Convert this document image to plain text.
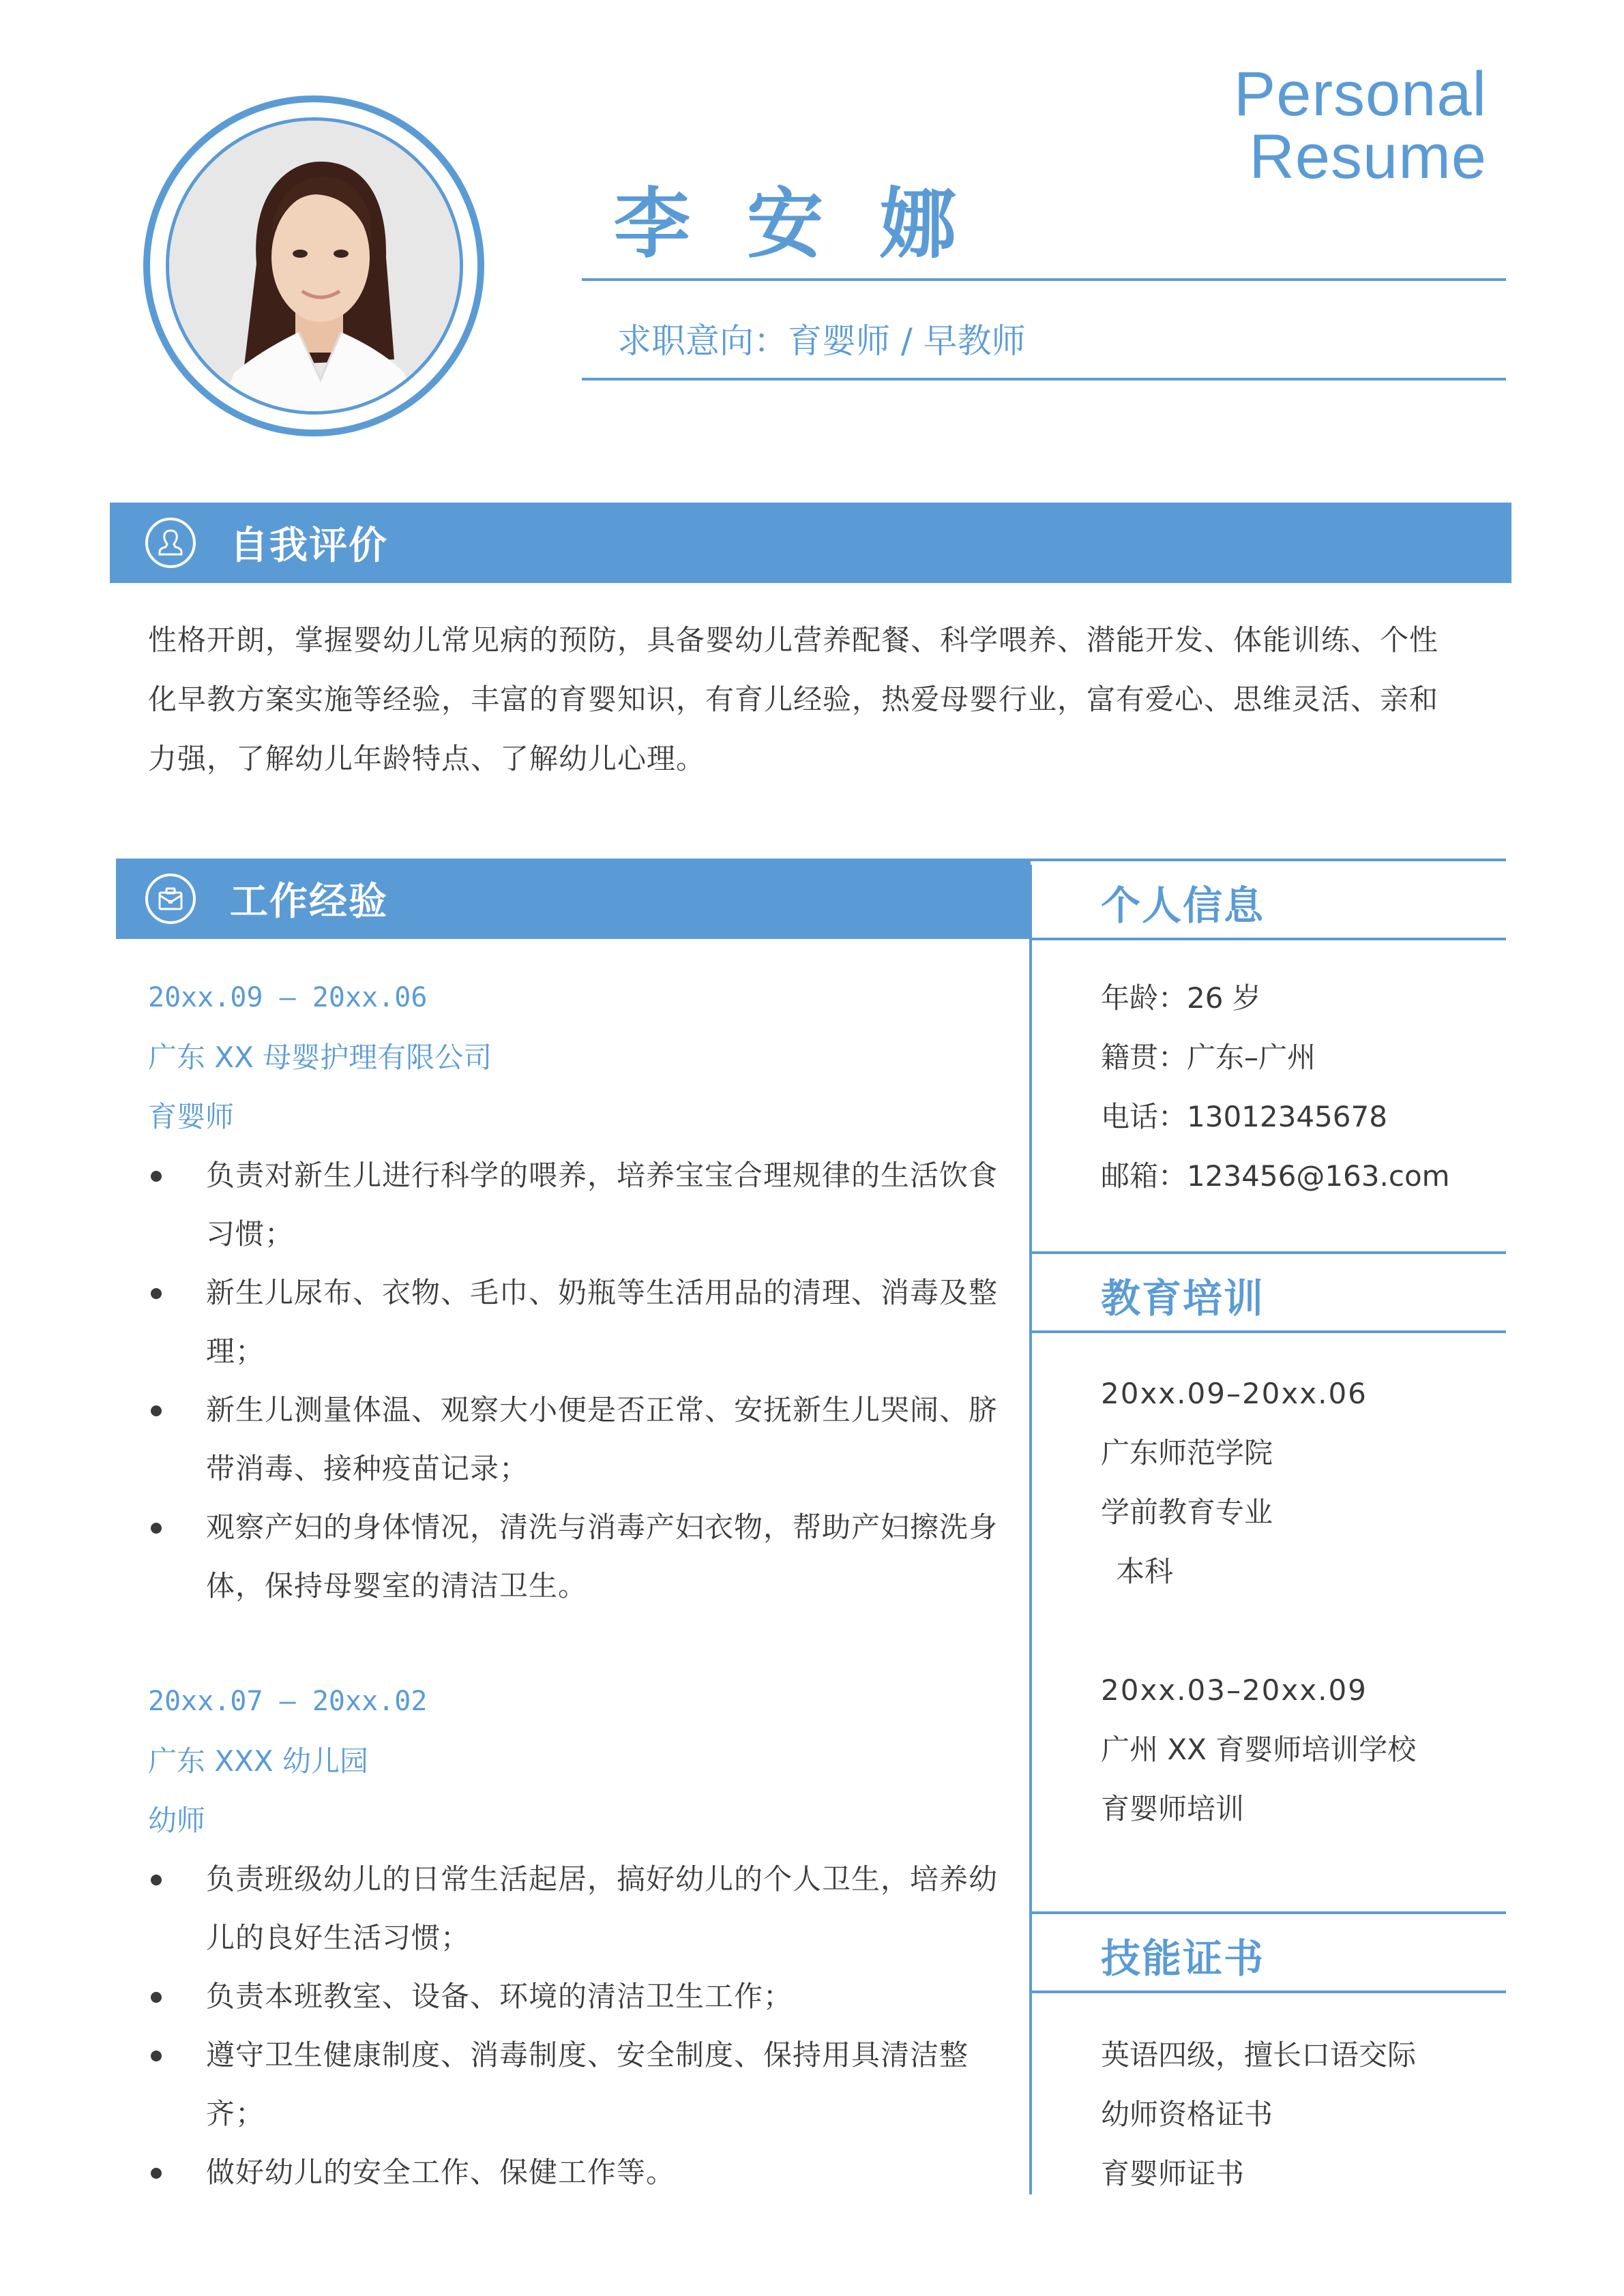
Personal Resume
李 安 娜
求职意向：育婴师 / 早教师
自我评价
性格开朗，掌握婴幼儿常见病的预防，具备婴幼儿营养配餐、科学喂养、潜能开发、体能训练、个性
化早教方案实施等经验，丰富的育婴知识，有育儿经验，热爱母婴行业，富有爱心、思维灵活、亲和
力强，了解幼儿年龄特点、了解幼儿心理。
工作经验
20xx.09 – 20xx.06
广东 XX 母婴护理有限公司
育婴师
负责对新生儿进行科学的喂养，培养宝宝合理规律的生活饮食习惯；
新生儿尿布、衣物、毛巾、奶瓶等生活用品的清理、消毒及整理；
新生儿测量体温、观察大小便是否正常、安抚新生儿哭闹、脐带消毒、接种疫苗记录；
观察产妇的身体情况，清洗与消毒产妇衣物，帮助产妇擦洗身体，保持母婴室的清洁卫生。
20xx.07 – 20xx.02
广东 XXX 幼儿园
幼师
负责班级幼儿的日常生活起居，搞好幼儿的个人卫生，培养幼儿的良好生活习惯；
负责本班教室、设备、环境的清洁卫生工作；
遵守卫生健康制度、消毒制度、安全制度、保持用具清洁整齐；
做好幼儿的安全工作、保健工作等。
个人信息
年龄：26 岁
籍贯：广东–广州
电话：13012345678
邮箱：123456@163.com
教育培训
20xx.09–20xx.06
广东师范学院
学前教育专业
本科
20xx.03–20xx.09
广州 XX 育婴师培训学校
育婴师培训
技能证书
英语四级，擅长口语交际
幼师资格证书
育婴师证书
